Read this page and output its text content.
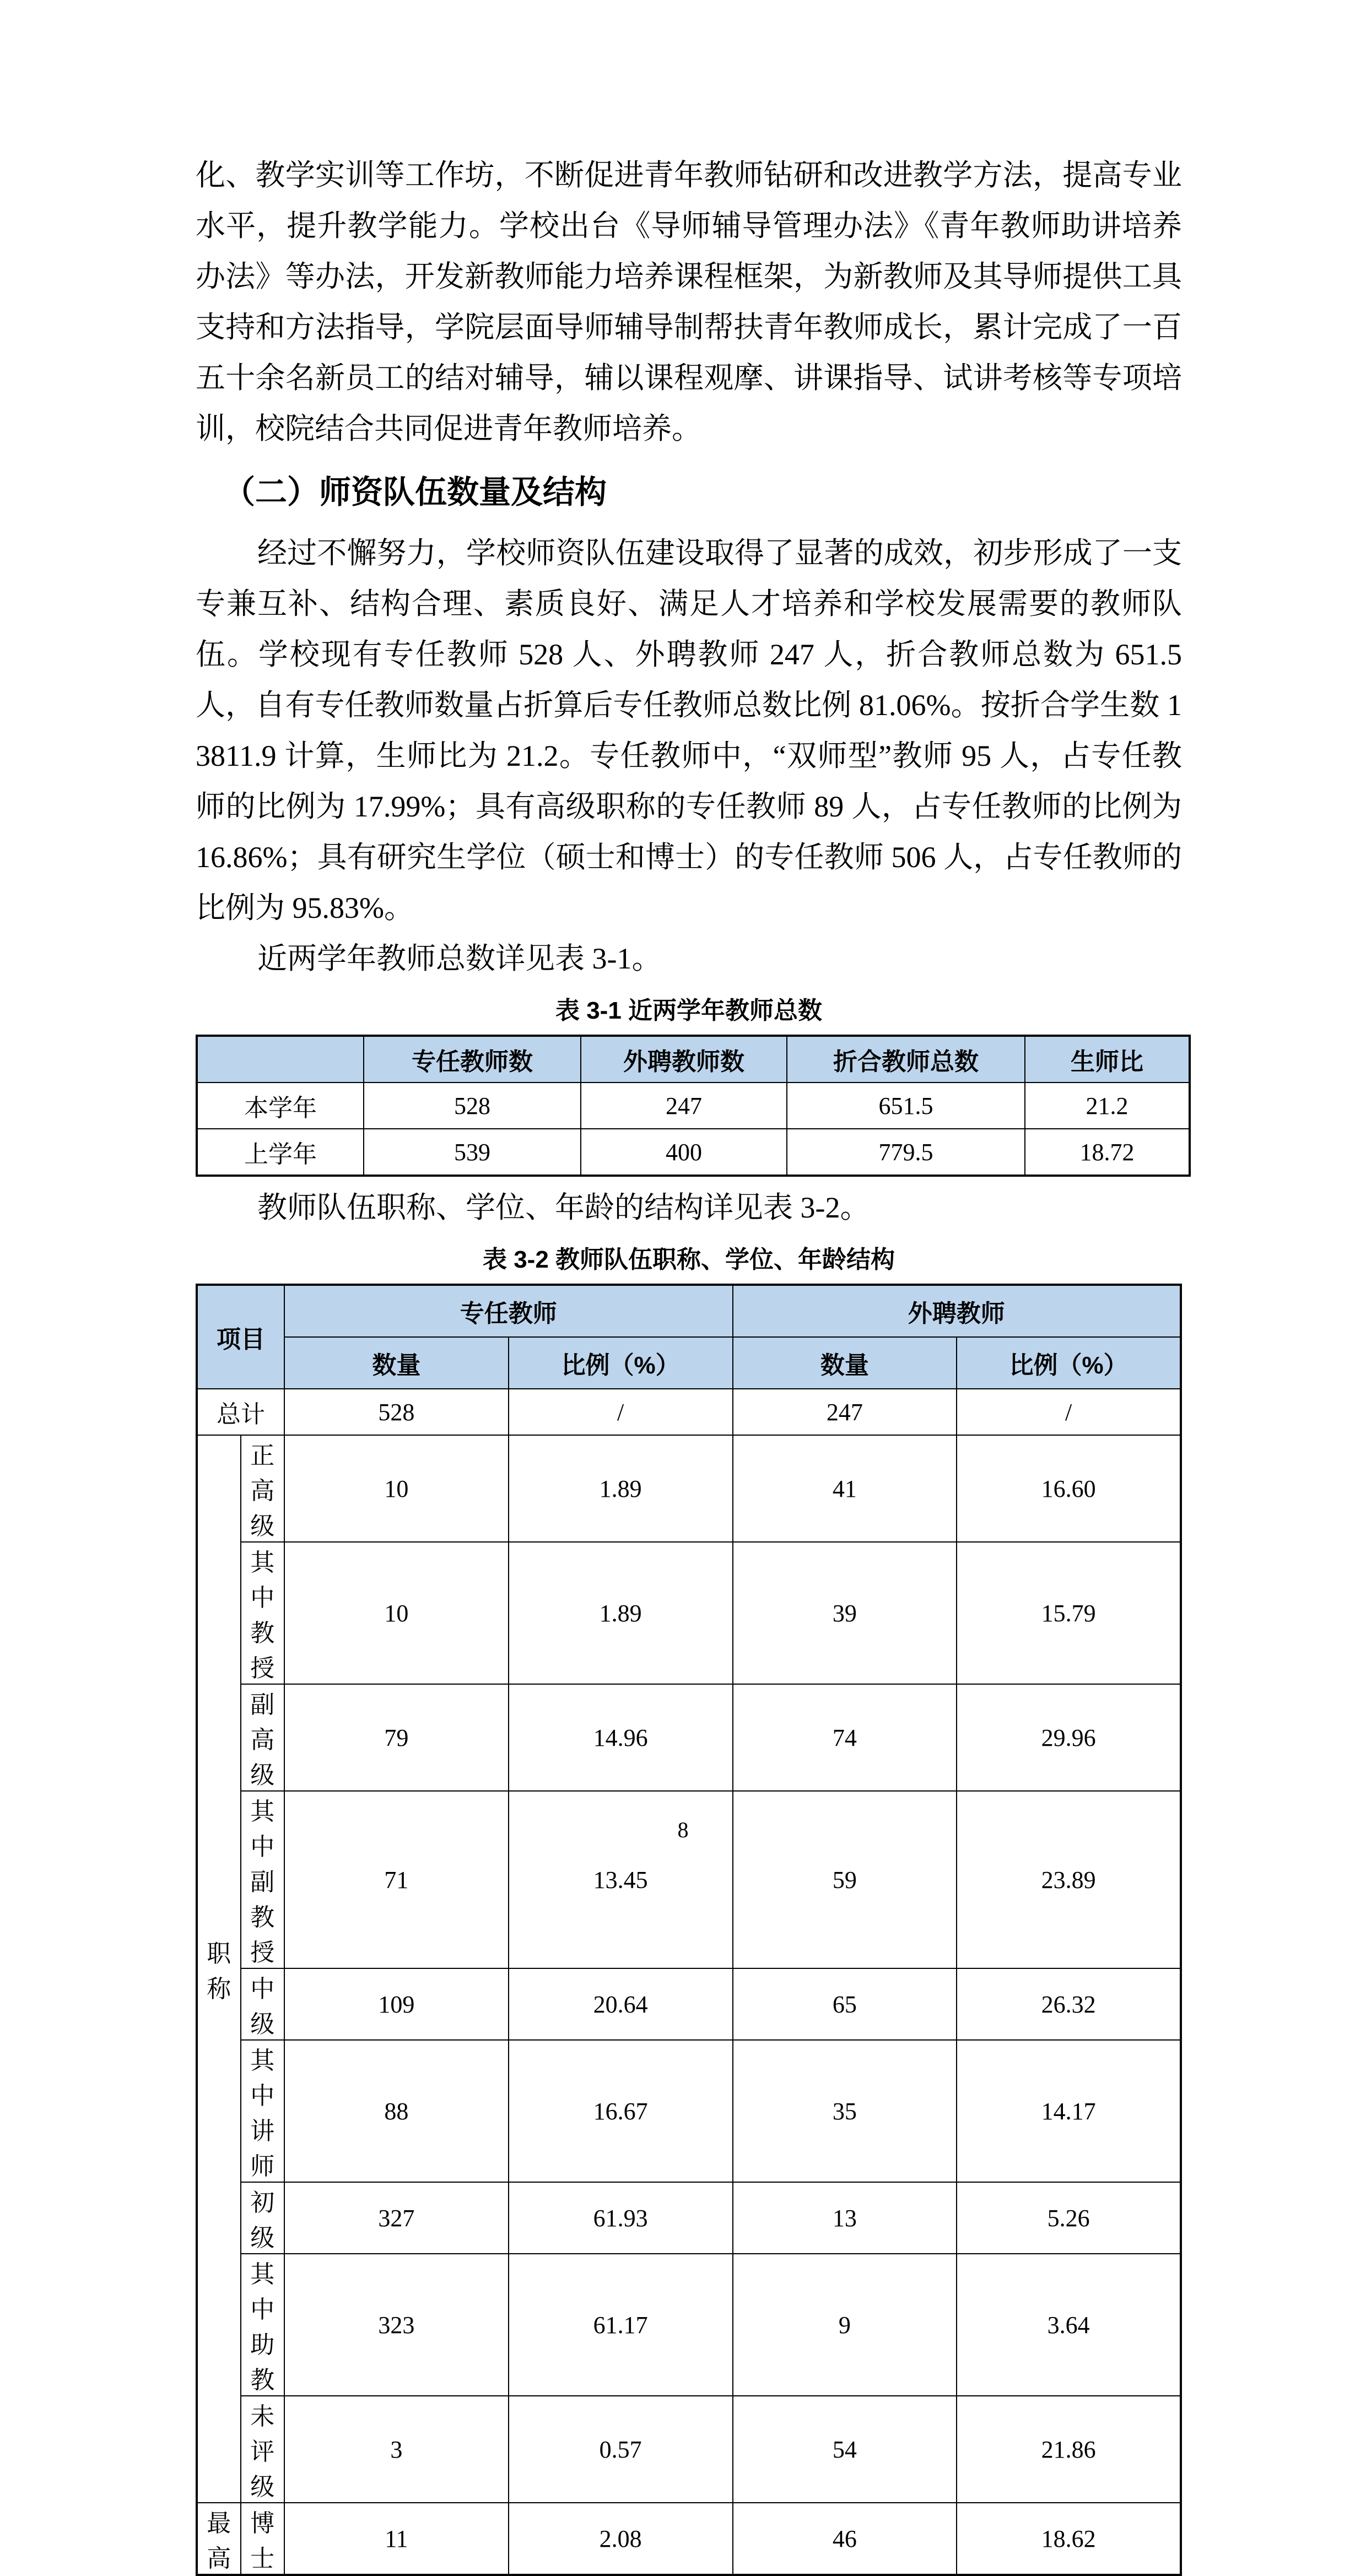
化、教学实训等工作坊，不断促进青年教师钻研和改进教学方法，提高专业水平，提升教学能力。学校出台《导师辅导管理办法》《青年教师助讲培养办法》等办法，开发新教师能力培养课程框架，为新教师及其导师提供工具支持和方法指导，学院层面导师辅导制帮扶青年教师成长，累计完成了一百五十余名新员工的结对辅导，辅以课程观摩、讲课指导、试讲考核等专项培训，校院结合共同促进青年教师培养。

（二）师资队伍数量及结构

经过不懈努力，学校师资队伍建设取得了显著的成效，初步形成了一支专兼互补、结构合理、素质良好、满足人才培养和学校发展需要的教师队伍。学校现有专任教师 528 人、外聘教师 247 人，折合教师总数为 651.5 人，自有专任教师数量占折算后专任教师总数比例 81.06%。按折合学生数 13811.9 计算，生师比为 21.2。专任教师中，“双师型”教师 95 人，占专任教师的比例为 17.99%；具有高级职称的专任教师 89 人，占专任教师的比例为 16.86%；具有研究生学位（硕士和博士）的专任教师 506 人，占专任教师的比例为 95.83%。

近两学年教师总数详见表 3-1。

表 3-1 近两学年教师总数
	专任教师数	外聘教师数	折合教师总数	生师比
本学年	528	247	651.5	21.2
上学年	539	400	779.5	18.72

教师队伍职称、学位、年龄的结构详见表 3-2。

表 3-2 教师队伍职称、学位、年龄结构
项目		专任教师		外聘教师	
		数量	比例（%）	数量	比例（%）
总计		528	/	247	/
职称	正高级	10	1.89	41	16.60
	其中教授	10	1.89	39	15.79
	副高级	79	14.96	74	29.96
	其中副教授	71	13.45	59	23.89
	中级	109	20.64	65	26.32
	其中讲师	88	16.67	35	14.17
	初级	327	61.93	13	5.26
	其中助教	323	61.17	9	3.64
	未评级	3	0.57	54	21.86
最高	博士	11	2.08	46	18.62
8
